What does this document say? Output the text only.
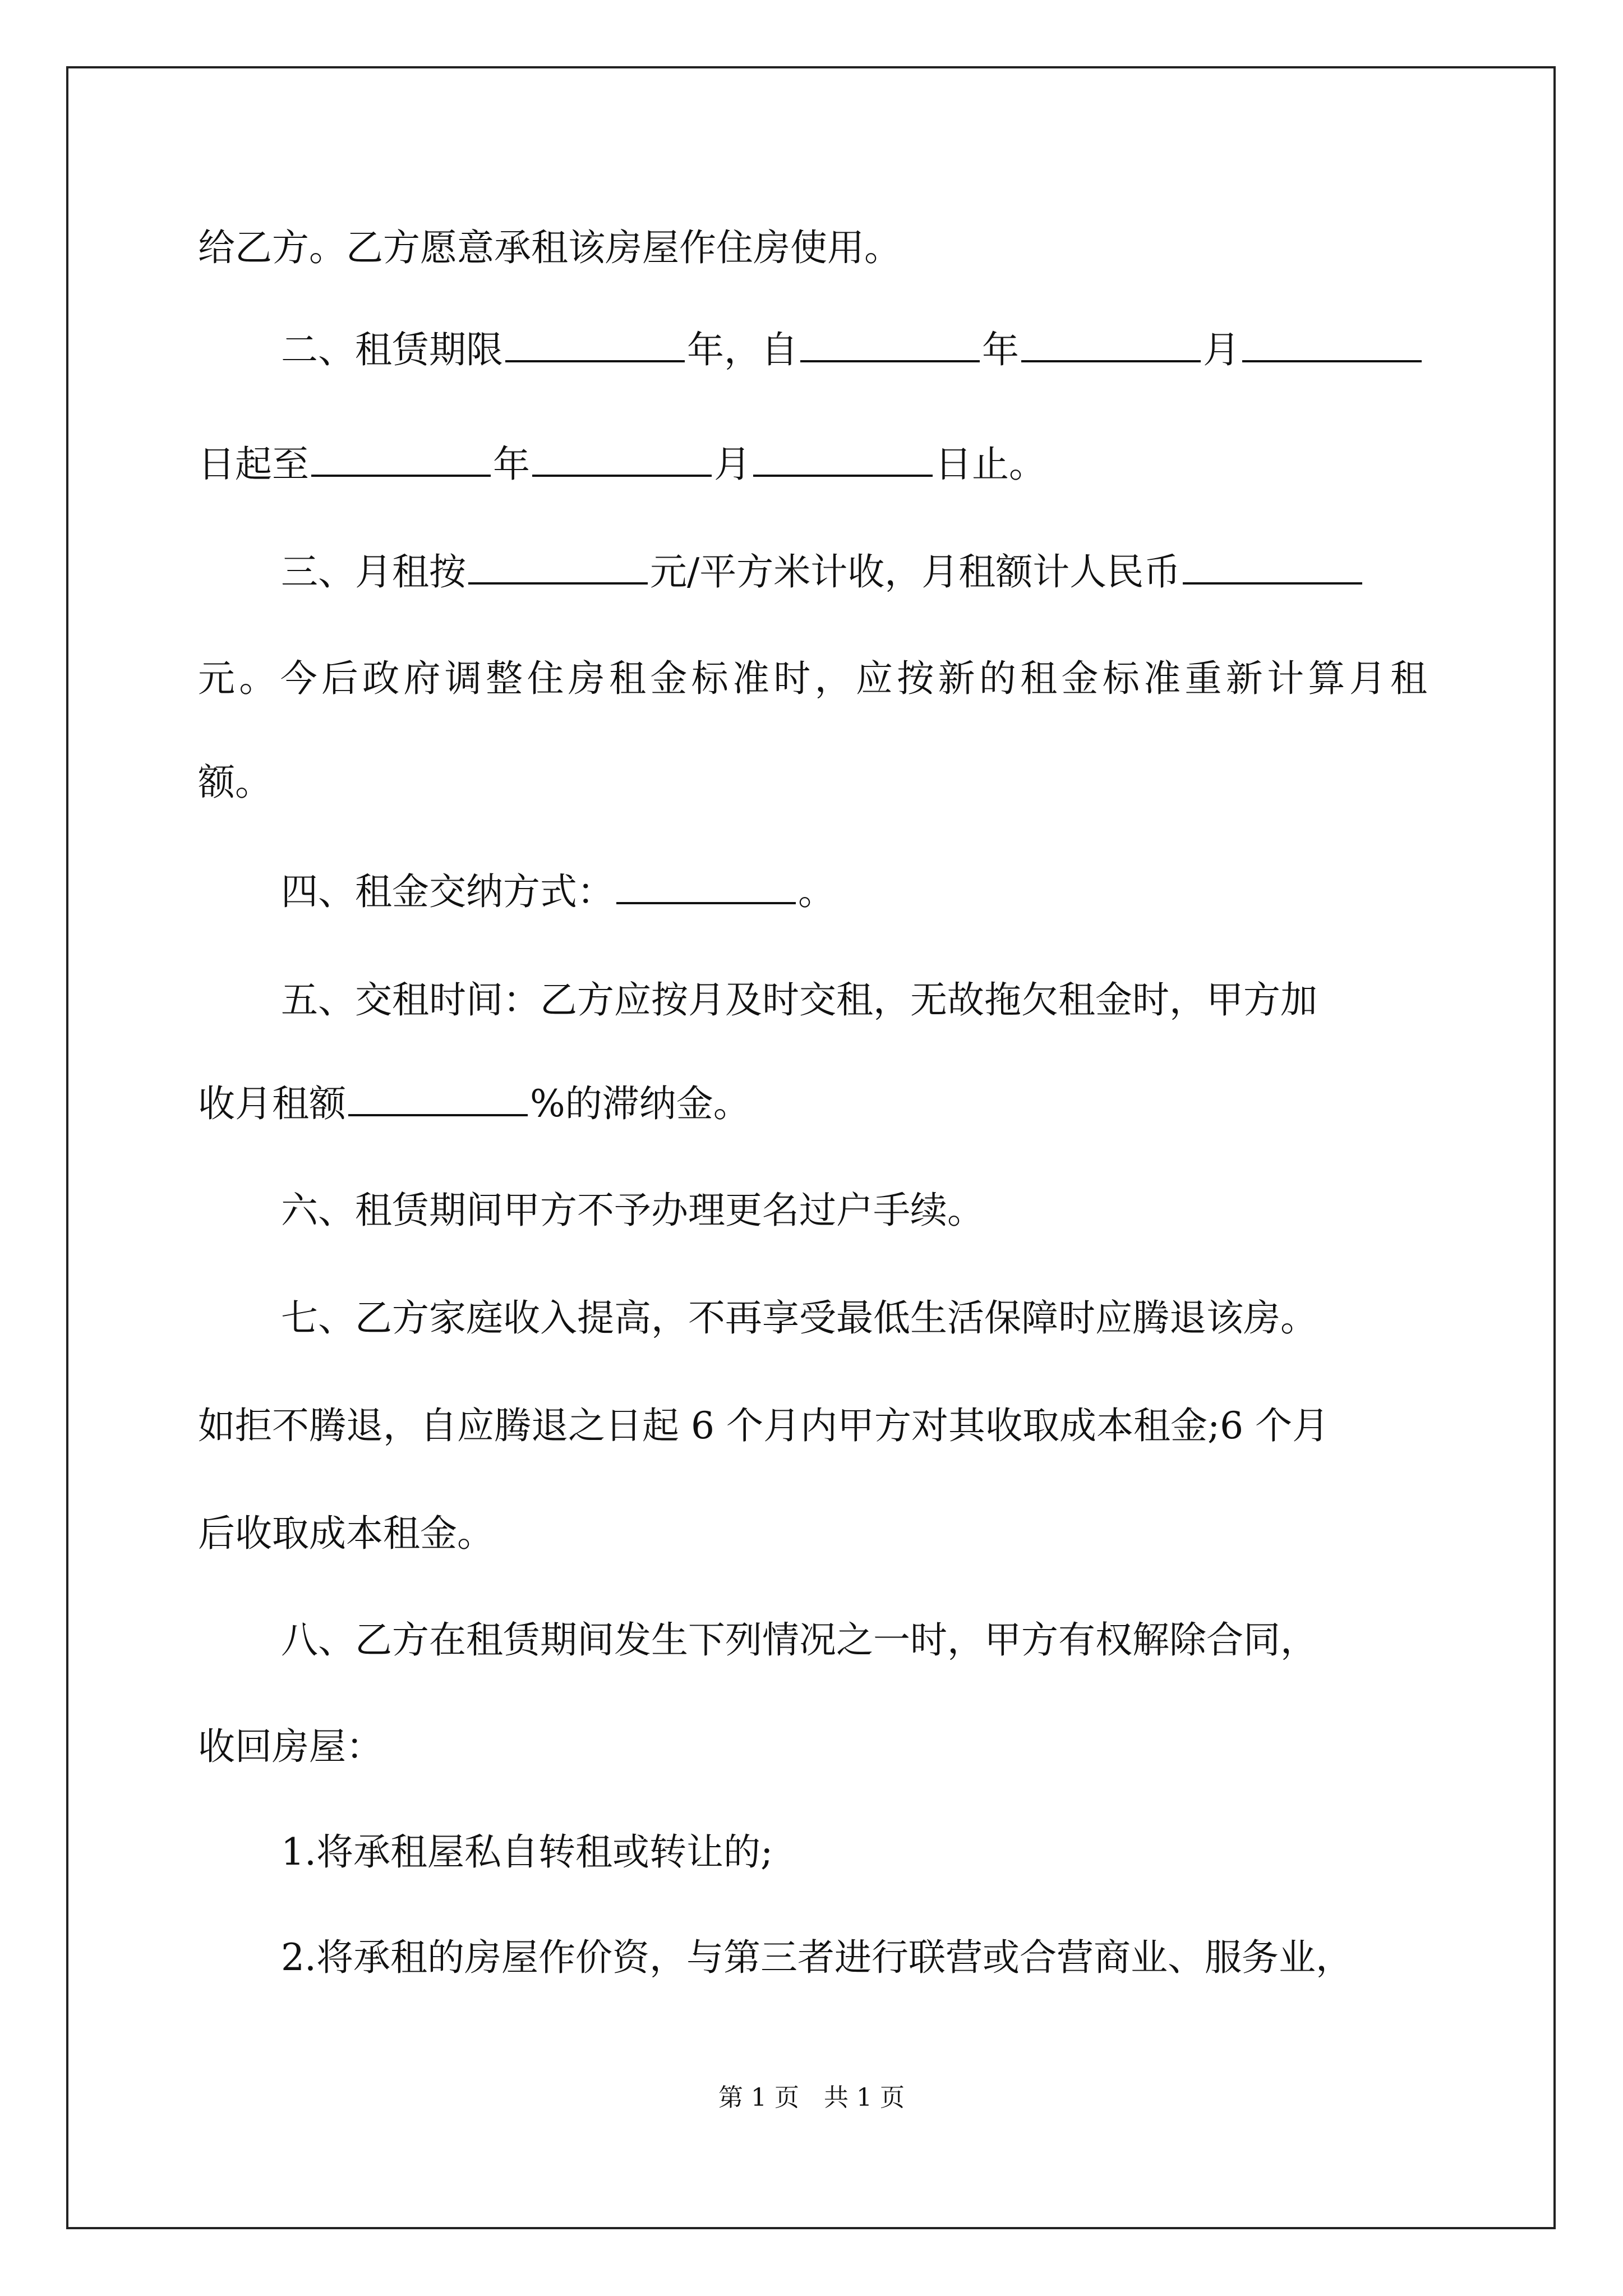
给乙方。乙方愿意承租该房屋作住房使用。
二、租赁期限	年，自	年	月
日起至	年	月	日止。
三、月租按	元/平方米计收，月租额计人民币
元。今后政府调整住房租金标准时，应按新的租金标准重新计算月租
额。
四、租金交纳方式：	。
五、交租时间：乙方应按月及时交租，无故拖欠租金时，甲方加
收月租额	%的滞纳金。
六、租赁期间甲方不予办理更名过户手续。
七、乙方家庭收入提高，不再享受最低生活保障时应腾退该房。
如拒不腾退，自应腾退之日起 6 个月内甲方对其收取成本租金;6 个月
后收取成本租金。
八、乙方在租赁期间发生下列情况之一时，甲方有权解除合同，
收回房屋：
1.将承租屋私自转租或转让的;
2.将承租的房屋作价资，与第三者进行联营或合营商业、服务业，
第 1 页　共 1 页
